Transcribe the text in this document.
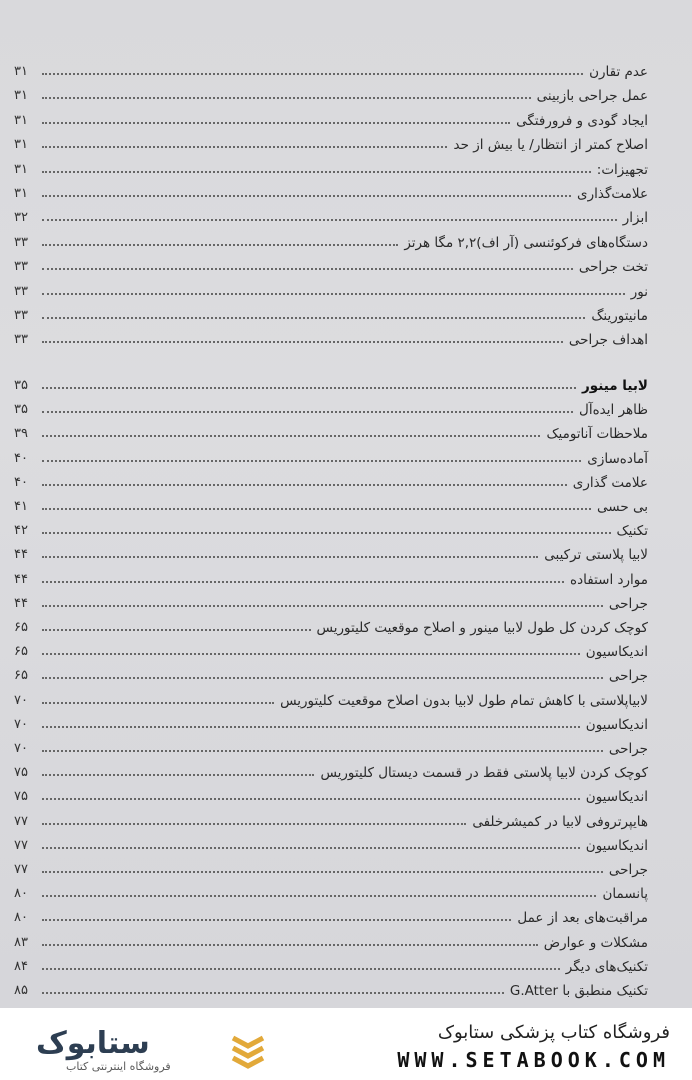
عدم تقارن
۳۱
عمل جراحی بازبینی
۳۱
ایجاد گودی و فرورفتگی
۳۱
اصلاح کمتر از انتظار/ یا بیش از حد
۳۱
تجهیزات:
۳۱
علامت‌گذاری
۳۱
ابزار
۳۲
دستگاه‌های فرکوئنسی (آر اف)۲,۲ مگا هرتز
۳۳
تخت جراحی
۳۳
نور
۳۳
مانیتورینگ
۳۳
اهداف جراحی
۳۳
لابیا مینور
۳۵
ظاهر ایده‌آل
۳۵
ملاحظات آناتومیک
۳۹
آماده‌سازی
۴۰
علامت گذاری
۴۰
بی حسی
۴۱
تکنیک
۴۲
لابیا پلاستی ترکیبی
۴۴
موارد استفاده
۴۴
جراحی
۴۴
کوچک کردن کل طول لابیا مینور و اصلاح موقعیت کلیتوریس
۶۵
اندیکاسیون
۶۵
جراحی
۶۵
لابیاپلاستی با کاهش تمام طول لابیا بدون اصلاح موقعیت کلیتوریس
۷۰
اندیکاسیون
۷۰
جراحی
۷۰
کوچک کردن لابیا پلاستی فقط در قسمت دیستال کلیتوریس
۷۵
اندیکاسیون
۷۵
هایپرتروفی لابیا در کمیشرخلفی
۷۷
اندیکاسیون
۷۷
جراحی
۷۷
پانسمان
۸۰
مراقبت‌های بعد از عمل
۸۰
مشکلات و عوارض
۸۳
تکنیک‌های دیگر
۸۴
تکنیک منطبق با G.Atter
۸۵
ستابوک
فروشگاه اینترنتی کتاب
فروشگاه کتاب پزشکی ستابوک
WWW.SETABOOK.COM
